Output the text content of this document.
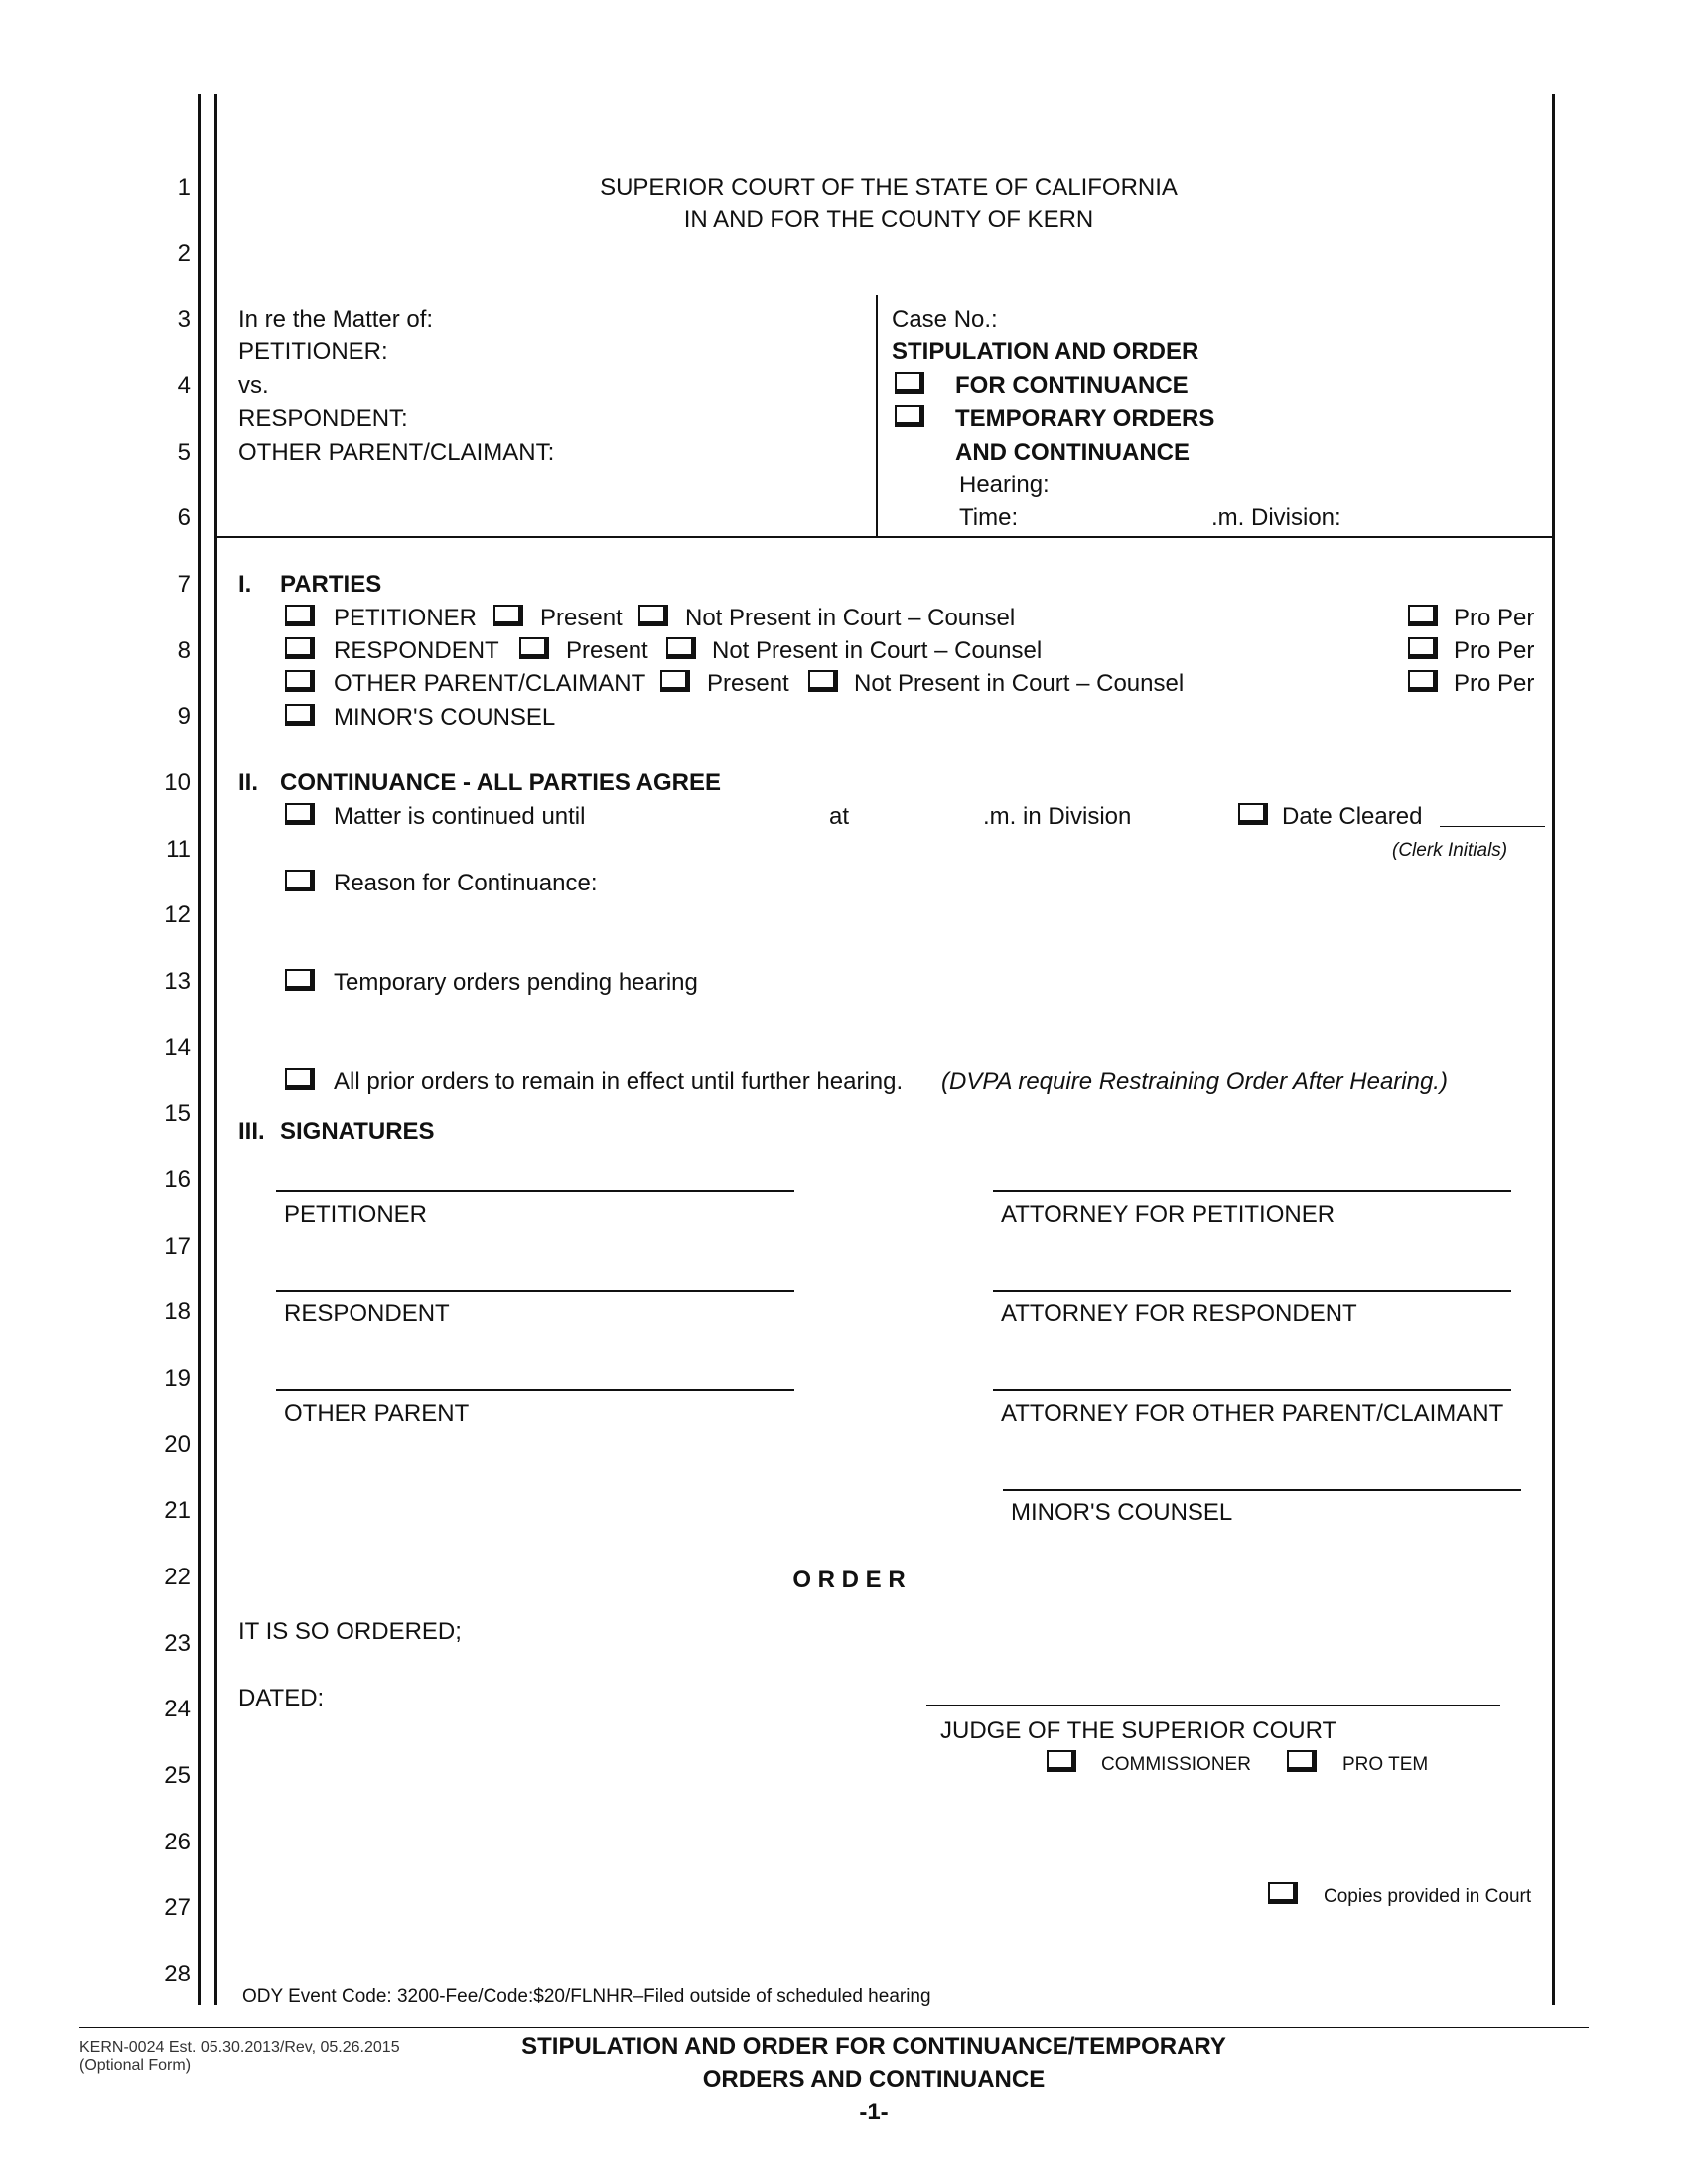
1
2
3
4
5
6
7
8
9
10
11
12
13
14
15
16
17
18
19
20
21
22
23
24
25
26
27
28
SUPERIOR COURT OF THE STATE OF CALIFORNIA
IN AND FOR THE COUNTY OF KERN
In re the Matter of:
PETITIONER:
vs.
RESPONDENT:
OTHER PARENT/CLAIMANT:
Case No.:
STIPULATION AND ORDER
FOR CONTINUANCE
TEMPORARY ORDERS
AND CONTINUANCE
Hearing:
Time:	.m. Division:
I. PARTIES
PETITIONER	Present	Not Present in Court – Counsel	Pro Per
RESPONDENT	Present	Not Present in Court – Counsel	Pro Per
OTHER PARENT/CLAIMANT	Present	Not Present in Court – Counsel	Pro Per
MINOR'S COUNSEL
II. CONTINUANCE - ALL PARTIES AGREE
Matter is continued until	at	.m. in Division	Date Cleared
(Clerk Initials)
Reason for Continuance:
Temporary orders pending hearing
All prior orders to remain in effect until further hearing. (DVPA require Restraining Order After Hearing.)
III. SIGNATURES
PETITIONER	ATTORNEY FOR PETITIONER
RESPONDENT	ATTORNEY FOR RESPONDENT
OTHER PARENT	ATTORNEY FOR OTHER PARENT/CLAIMANT
MINOR'S COUNSEL
O R D E R
IT IS SO ORDERED;
DATED:
JUDGE OF THE SUPERIOR COURT
COMMISSIONER	PRO TEM
Copies provided in Court
ODY Event Code: 3200-Fee/Code:$20/FLNHR–Filed outside of scheduled hearing
KERN-0024 Est. 05.30.2013/Rev, 05.26.2015
(Optional Form)
STIPULATION AND ORDER FOR CONTINUANCE/TEMPORARY
ORDERS AND CONTINUANCE
-1-
